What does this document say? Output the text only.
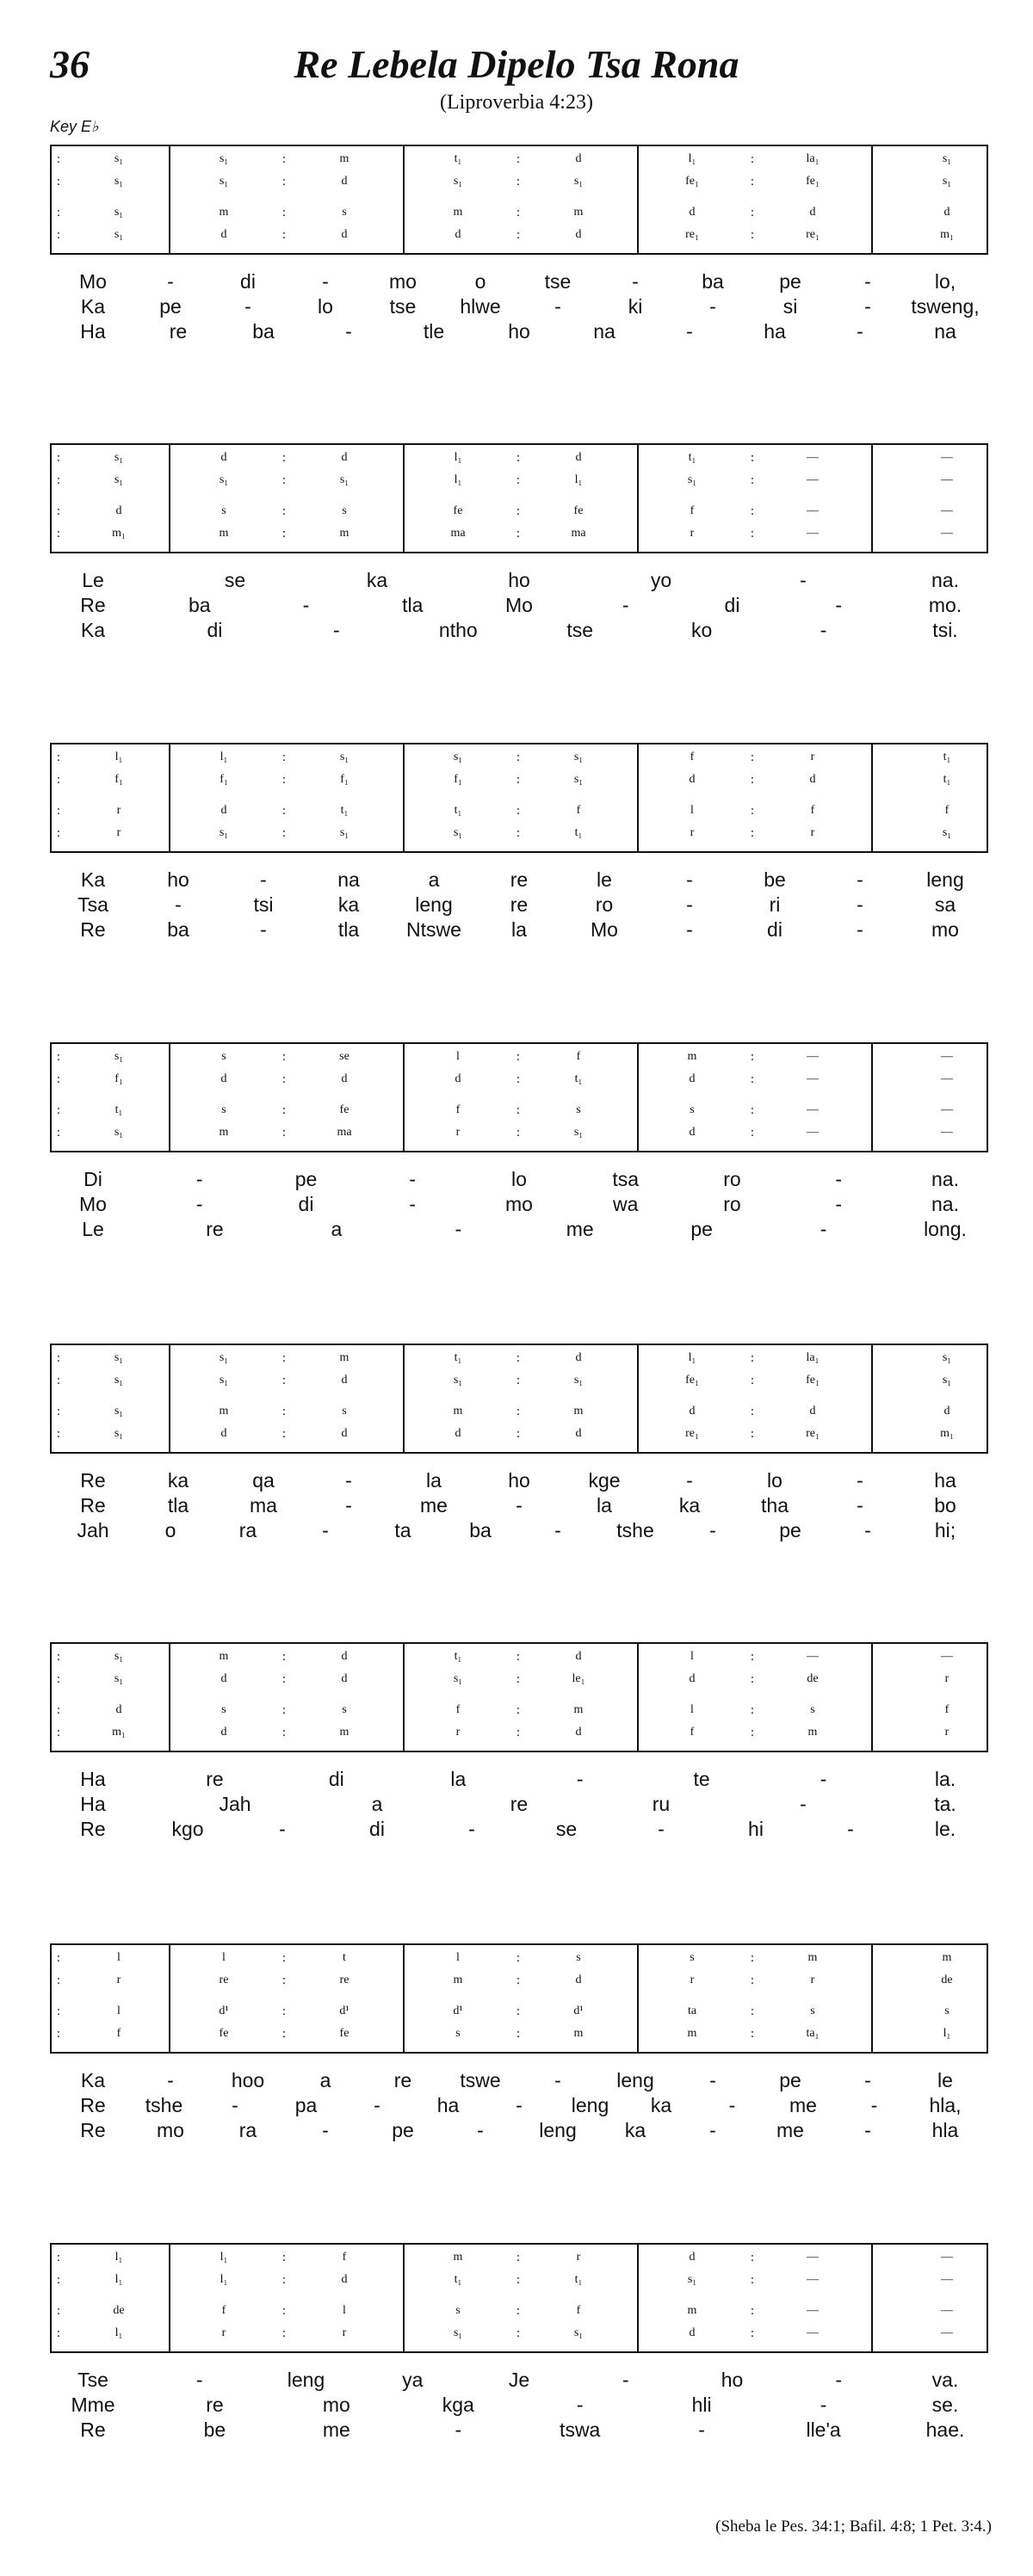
36	Re Lebela Dipelo Tsa Rona
(Liproverbia 4:23)
Key E♭
:	s₁	s₁	:	m	t₁	:	d	l₁	:	la₁	s₁
:	s₁	s₁	:	d	s₁	:	s₁	fe₁	:	fe₁	s₁
:	s₁	m	:	s	m	:	m	d	:	d	d
:	s₁	d	:	d	d	:	d	re₁	:	re₁	m₁
Mo	-	di	-	mo	o	tse	-	ba	pe	-	lo,
Ka	pe	-	lo	tse hlwe	-	ki	-	si	- tsweng,
Ha	re	ba	-	tle	ho	na	-	ha	-	na
:	s₁	d	:	d	l₁	:	d	t₁	:	—	—
:	s₁	s₁	:	s₁	l₁	:	l₁	s₁	:	—	—
:	d	s	:	s	fe	:	fe	f	:	—	—
:	m₁	m	:	m	ma	:	ma	r	:	—	—
Le	se	ka	ho	yo	-	na.
Re	ba	-	tla	Mo	-	di	-	mo.
Ka	di	-	ntho	tse	ko	-	tsi.
:	l₁	l₁	:	s₁	s₁	:	s₁	f	:	r	t₁
:	f₁	f₁	:	f₁	f₁	:	s₁	d	:	d	t₁
:	r	d	:	t₁	t₁	:	f	l	:	f	f
:	r	s₁	:	s₁	s₁	:	t₁	r	:	r	s₁
Ka	ho	-	na	a	re	le	-	be	-	leng
Tsa	-	tsi	ka	leng	re	ro	-	ri	-	sa
Re	ba	-	tla Ntswe	la	Mo	-	di	-	mo
:	s₁	s	:	se	l	:	f	m	:	—	—
:	f₁	d	:	d	d	:	t₁	d	:	—	—
:	t₁	s	:	fe	f	:	s	s	:	—	—
:	s₁	m	:	ma	r	:	s₁	d	:	—	—
Di	-	pe	-	lo	tsa	ro	-	na.
Mo	-	di	-	mo	wa	ro	-	na.
Le	re	a	-	me	pe	-	long.
:	s₁	s₁	:	m	t₁	:	d	l₁	:	la₁	s₁
:	s₁	s₁	:	d	s₁	:	s₁	fe₁	:	fe₁	s₁
:	s₁	m	:	s	m	:	m	d	:	d	d
:	s₁	d	:	d	d	:	d	re₁	:	re₁	m₁
Re	ka	qa	-	la	ho	kge	-	lo	-	ha
Re	tla	ma	-	me	-	la	ka	tha	-	bo
Jah	o	ra	-	ta	ba	-	tshe	-	pe	-	hi;
:	s₁	m	:	d	t₁	:	d	l	:	—	—
:	s₁	d	:	d	s₁	:	le₁	d	:	de	r
:	d	s	:	s	f	:	m	l	:	s	f
:	m₁	d	:	m	r	:	d	f	:	m	r
Ha	re	di	la	-	te	-	la.
Ha	Jah	a	re	ru	-	ta.
Re	kgo	-	di	-	se	-	hi	-	le.
:	l	l	:	t	l	:	s	s	:	m	m
:	r	re	:	re	m	:	d	r	:	r	de
:	l	d¹	:	d¹	d¹	:	d¹	ta	:	s	s
:	f	fe	:	fe	s	:	m	m	:	ta₁	l₁
Ka	-	hoo	a	re tswe	-	leng	-	pe	-	le
Re tshe -	pa	-	ha	- leng ka	-	me	-	hla,
Re	mo	ra	-	pe	-	leng ka	-	me	-	hla
:	l₁	l₁	:	f	m	:	r	d	:	—	—
:	l₁	l₁	:	d	t₁	:	t₁	s₁	:	—	—
:	de	f	:	l	s	:	f	m	:	—	—
:	l₁	r	:	r	s₁	:	s₁	d	:	—	—
Tse	-	leng	ya	Je	-	ho	-	va.
Mme	re	mo	kga	-	hli	-	se.
Re	be	me	-	tswa	-	lle'a	hae.
(Sheba le Pes. 34:1; Bafil. 4:8; 1 Pet. 3:4.)
